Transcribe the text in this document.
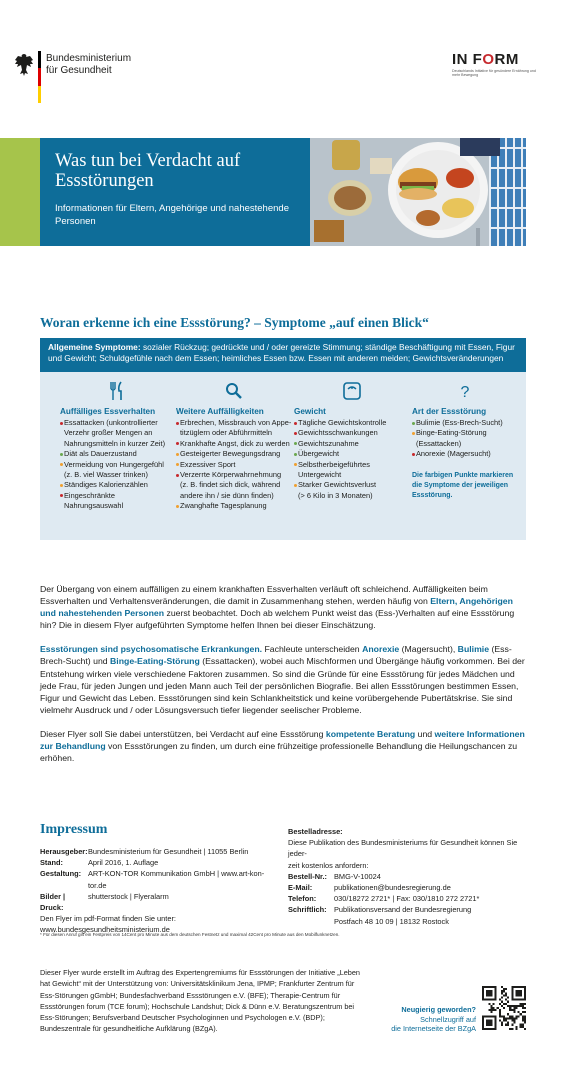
Bundesministerium
für Gesundheit
IN FORM
Deutschlands Initiative für gesündere Ernährung und mehr Bewegung
Was tun bei Verdacht auf Essstörungen
Informationen für Eltern, Angehörige und nahestehende Personen
Woran erkenne ich eine Essstörung? – Symptome „auf einen Blick“
Allgemeine Symptome: sozialer Rückzug; gedrückte und / oder gereizte Stimmung; ständige Beschäftigung mit Essen, Figur und Gewicht; Schuldgefühle nach dem Essen; heimliches Essen bzw. Essen mit anderen meiden; Gewichtsveränderungen
Auffälliges Essverhalten
Essattacken (unkontrollierter
Verzehr großer Mengen an
Nahrungsmitteln in kurzer Zeit)
Diät als Dauerzustand
Vermeidung von Hungergefühl
(z. B. viel Wasser trinken)
Ständiges Kalorienzählen
Eingeschränkte Nahrungsauswahl
Weitere Auffälligkeiten
Erbrechen, Missbrauch von Appe-
titzüglern oder Abführmitteln
Krankhafte Angst, dick zu werden
Gesteigerter Bewegungsdrang
Exzessiver Sport
Verzerrte Körperwahrnehmung
(z. B. findet sich dick, während
andere ihn / sie dünn finden)
Zwanghafte Tagesplanung
Gewicht
Tägliche Gewichtskontrolle
Gewichtsschwankungen
Gewichtszunahme
Übergewicht
Selbstherbeigeführtes Untergewicht
Starker Gewichtsverlust
(> 6 Kilo in 3 Monaten)
?
Art der Essstörung
Bulimie (Ess-Brech-Sucht)
Binge-Eating-Störung
(Essattacken)
Anorexie (Magersucht)
Die farbigen Punkte markieren die Symptome der jeweiligen Essstörung.

Der Übergang von einem auffälligen zu einem krankhaften Essverhalten verläuft oft schleichend. Auffälligkeiten beim Essverhalten und Verhaltensveränderungen, die damit in Zusammenhang stehen, werden häufig von Eltern, Angehörigen und nahestehenden Personen zuerst beobachtet. Doch ab welchem Punkt weist das (Ess-)Verhalten auf eine Essstörung hin? Die in diesem Flyer aufgeführten Symptome helfen Ihnen bei dieser Einschätzung.

Essstörungen sind psychosomatische Erkrankungen. Fachleute unterscheiden Anorexie (Magersucht), Bulimie (Ess-Brech-Sucht) und Binge-Eating-Störung (Essattacken), wobei auch Mischformen und Übergänge häufig vorkommen. Bei der Entstehung wirken viele verschiedene Faktoren zusammen. So sind die Gründe für eine Essstörung für jedes Mädchen und jede Frau, für jeden Jungen und jeden Mann auch Teil der persönlichen Biografie. Bei allen Essstörungen bestimmen Essen, Figur und Gewicht das Leben. Essstörungen sind kein Schlankheitstick und keine vorübergehende Pubertätskrise. Sie sind vielmehr Ausdruck und / oder Lösungsversuch tiefer liegender seelischer Probleme.

Dieser Flyer soll Sie dabei unterstützen, bei Verdacht auf eine Essstörung kompetente Beratung und weitere Informationen zur Behandlung von Essstörungen zu finden, um durch eine frühzeitige professionelle Behandlung die Heilungschancen zu erhöhen.

Impressum
Herausgeber: Bundesministerium für Gesundheit | 11055 Berlin
Stand:	April 2016, 1. Auflage
Gestaltung: ART-KON-TOR Kommunikation GmbH | www.art-kon-tor.de
Bilder | Druck:
shutterstock | Flyeralarm
Den Flyer im pdf-Format finden Sie unter:
www.bundesgesundheitsministerium.de
Bestelladresse:
Diese Publikation des Bundesministeriums für Gesundheit können Sie jeder-
zeit kostenlos anfordern:
Bestell-Nr.: BMG-V-10024
E-Mail:	publikationen@bundesregierung.de
Telefon:	030/18272 2721* | Fax: 030/1810 272 2721*
Schriftlich: Publikationsversand der Bundesregierung
Postfach 48 10 09 | 18132 Rostock
* Für diesen Anruf gilt ein Festpreis von 14Cent pro Minute aus dem deutschen Festnetz und maximal 42Cent pro Minute aus den Mobilfunknetzen.
Dieser Flyer wurde erstellt im Auftrag des Expertengremiums für Essstörungen der Initiative „Leben hat Gewicht“ mit der Unterstützung von: Universitätsklinikum Jena, IPMP; Frankfurter Zentrum für Ess-Störungen gGmbH; Bundesfachverband Essstörungen e.V. (BFE); Therapie-Centrum für Essstörungen forum (TCE forum); Hochschule Landshut; Dick & Dünn e.V. Beratungszentrum bei Ess-Störungen; Berufsverband Deutscher Psychologinnen und Psychologen e.V. (BDP); Bundeszentrale für gesundheitliche Aufklärung (BZgA).
Neugierig geworden?
Schnellzugriff auf
die Internetseite der BZgA
